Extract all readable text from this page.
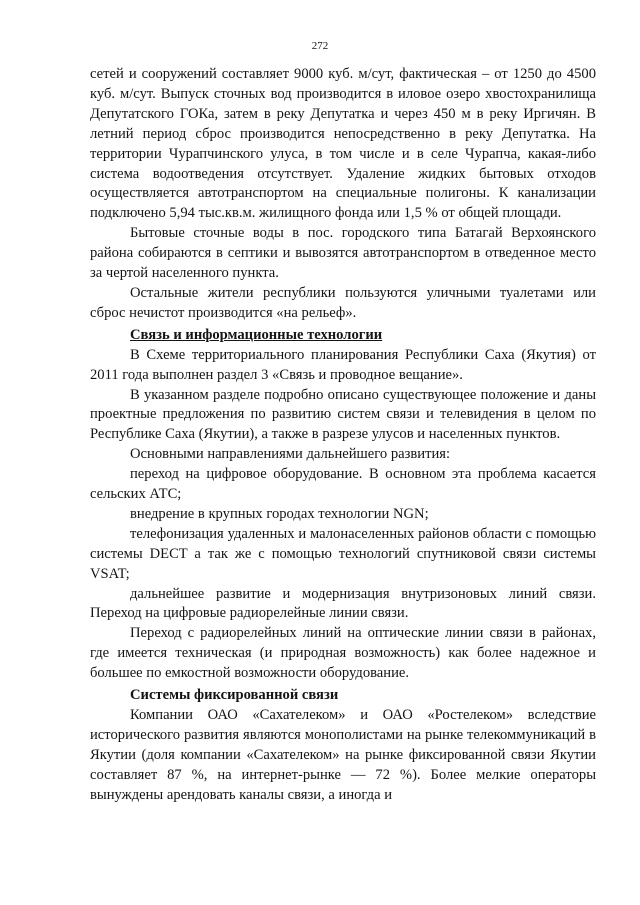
272

сетей и сооружений составляет 9000 куб. м/сут, фактическая – от 1250 до 4500 куб. м/сут. Выпуск сточных вод производится в иловое озеро хвостохранилища Депутатского ГОКа, затем в реку Депутатка и через 450 м в реку Иргичян. В летний период сброс производится непосредственно в реку Депутатка. На территории Чурапчинского улуса, в том числе и в селе Чурапча, какая-либо система водоотведения отсутствует. Удаление жидких бытовых отходов осуществляется автотранспортом на специальные полигоны. К канализации подключено 5,94 тыс.кв.м. жилищного фонда или 1,5 % от общей площади.

Бытовые сточные воды в пос. городского типа Батагай Верхоянского района собираются в септики и вывозятся автотранспортом в отведенное место за чертой населенного пункта.

Остальные жители республики пользуются уличными туалетами или сброс нечистот производится «на рельеф».

Связь и информационные технологии

В Схеме территориального планирования Республики Саха (Якутия) от 2011 годa выполнен раздел 3 «Связь и проводное вещание».

В указанном разделе подробно описано существующее положение и даны проектные предложения по развитию систем связи и телевидения в целом по Республике Саха (Якутии), а также в разрезе улусов и населенных пунктов.

Основными направлениями дальнейшего развития:

переход на цифровое оборудование. В основном эта проблема касается сельских АТС;

внедрение в крупных городах технологии NGN;

телефонизация удаленных и малонаселенных районов области с помощью системы DECT а так же с помощью технологий спутниковой связи системы VSAT;

дальнейшее развитие и модернизация внутризоновых линий связи. Переход на цифровые радиорелейные линии связи.

Переход с радиорелейных линий на оптические линии связи в районах, где имеется техническая (и природная возможность) как более надежное и большее по емкостной возможности оборудование.

Системы фиксированной связи

Компании ОАО «Сахателеком» и ОАО «Ростелеком» вследствие исторического развития являются монополистами на рынке телекоммуникаций в Якутии (доля компании «Сахателеком» на рынке фиксированной связи Якутии составляет 87 %, на интернет-рынке — 72 %). Более мелкие операторы вынуждены арендовать каналы связи, а иногда и
